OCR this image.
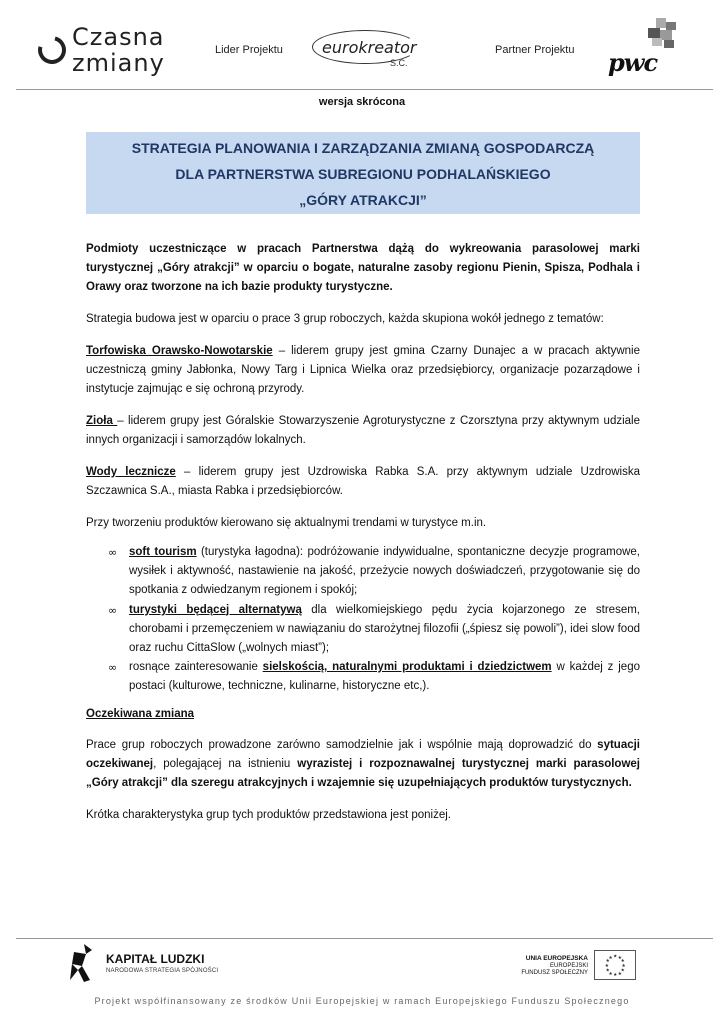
Czasna
zmiany	Lider Projektu eurokreator
S.C.
Partner Projektu pwc
wersja skrócona
STRATEGIA PLANOWANIA I ZARZĄDZANIA ZMIANĄ GOSPODARCZĄ
DLA PARTNERSTWA SUBREGIONU PODHALAŃSKIEGO
„GÓRY ATRAKCJI”

Podmioty uczestniczące w pracach Partnerstwa dążą do wykreowania parasolowej marki turystycznej „Góry atrakcji” w oparciu o bogate, naturalne zasoby regionu Pienin, Spisza, Podhala i Orawy oraz tworzone na ich bazie produkty turystyczne.

Strategia budowa jest w oparciu o prace 3 grup roboczych, każda skupiona wokół jednego z tematów:

Torfowiska Orawsko-Nowotarskie – liderem grupy jest gmina Czarny Dunajec a w pracach aktywnie uczestniczą gminy Jabłonka, Nowy Targ i Lipnica Wielka oraz przedsiębiorcy, organizacje pozarządowe i instytucje zajmując e się ochroną przyrody.

Zioła – liderem grupy jest Góralskie Stowarzyszenie Agroturystyczne z Czorsztyna przy aktywnym udziale innych organizacji i samorządów lokalnych.

Wody lecznicze – liderem grupy jest Uzdrowiska Rabka S.A. przy aktywnym udziale Uzdrowiska Szczawnica S.A., miasta Rabka i przedsiębiorców.

Przy tworzeniu produktów kierowano się aktualnymi trendami w turystyce m.in.

∞ soft tourism (turystyka łagodna): podróżowanie indywidualne, spontaniczne decyzje programowe, wysiłek i aktywność, nastawienie na jakość, przeżycie nowych doświadczeń, przygotowanie się do spotkania z odwiedzanym regionem i spokój;
∞ turystyki będącej alternatywą dla wielkomiejskiego pędu życia kojarzonego ze stresem, chorobami i przemęczeniem w nawiązaniu do starożytnej filozofii („śpiesz się powoli”), idei slow food oraz ruchu CittaSlow („wolnych miast”);
∞ rosnące zainteresowanie sielskością, naturalnymi produktami i dziedzictwem w każdej z jego postaci (kulturowe, techniczne, kulinarne, historyczne etc,).
Oczekiwana zmiana

Prace grup roboczych prowadzone zarówno samodzielnie jak i wspólnie mają doprowadzić do sytuacji oczekiwanej, polegającej na istnieniu wyrazistej i rozpoznawalnej turystycznej marki parasolowej „Góry atrakcji” dla szeregu atrakcyjnych i wzajemnie się uzupełniających produktów turystycznych.

Krótka charakterystyka grup tych produktów przedstawiona jest poniżej.

KAPITAŁ LUDZKI
NARODOWA STRATEGIA SPÓJNOŚCI
UNIA EUROPEJSKA
EUROPEJSKI
FUNDUSZ SPOŁECZNY
★ ★
★
★
★
★
★
★
★
★
★
★
Projekt współfinansowany ze środków Unii Europejskiej w ramach Europejskiego Funduszu Społecznego
